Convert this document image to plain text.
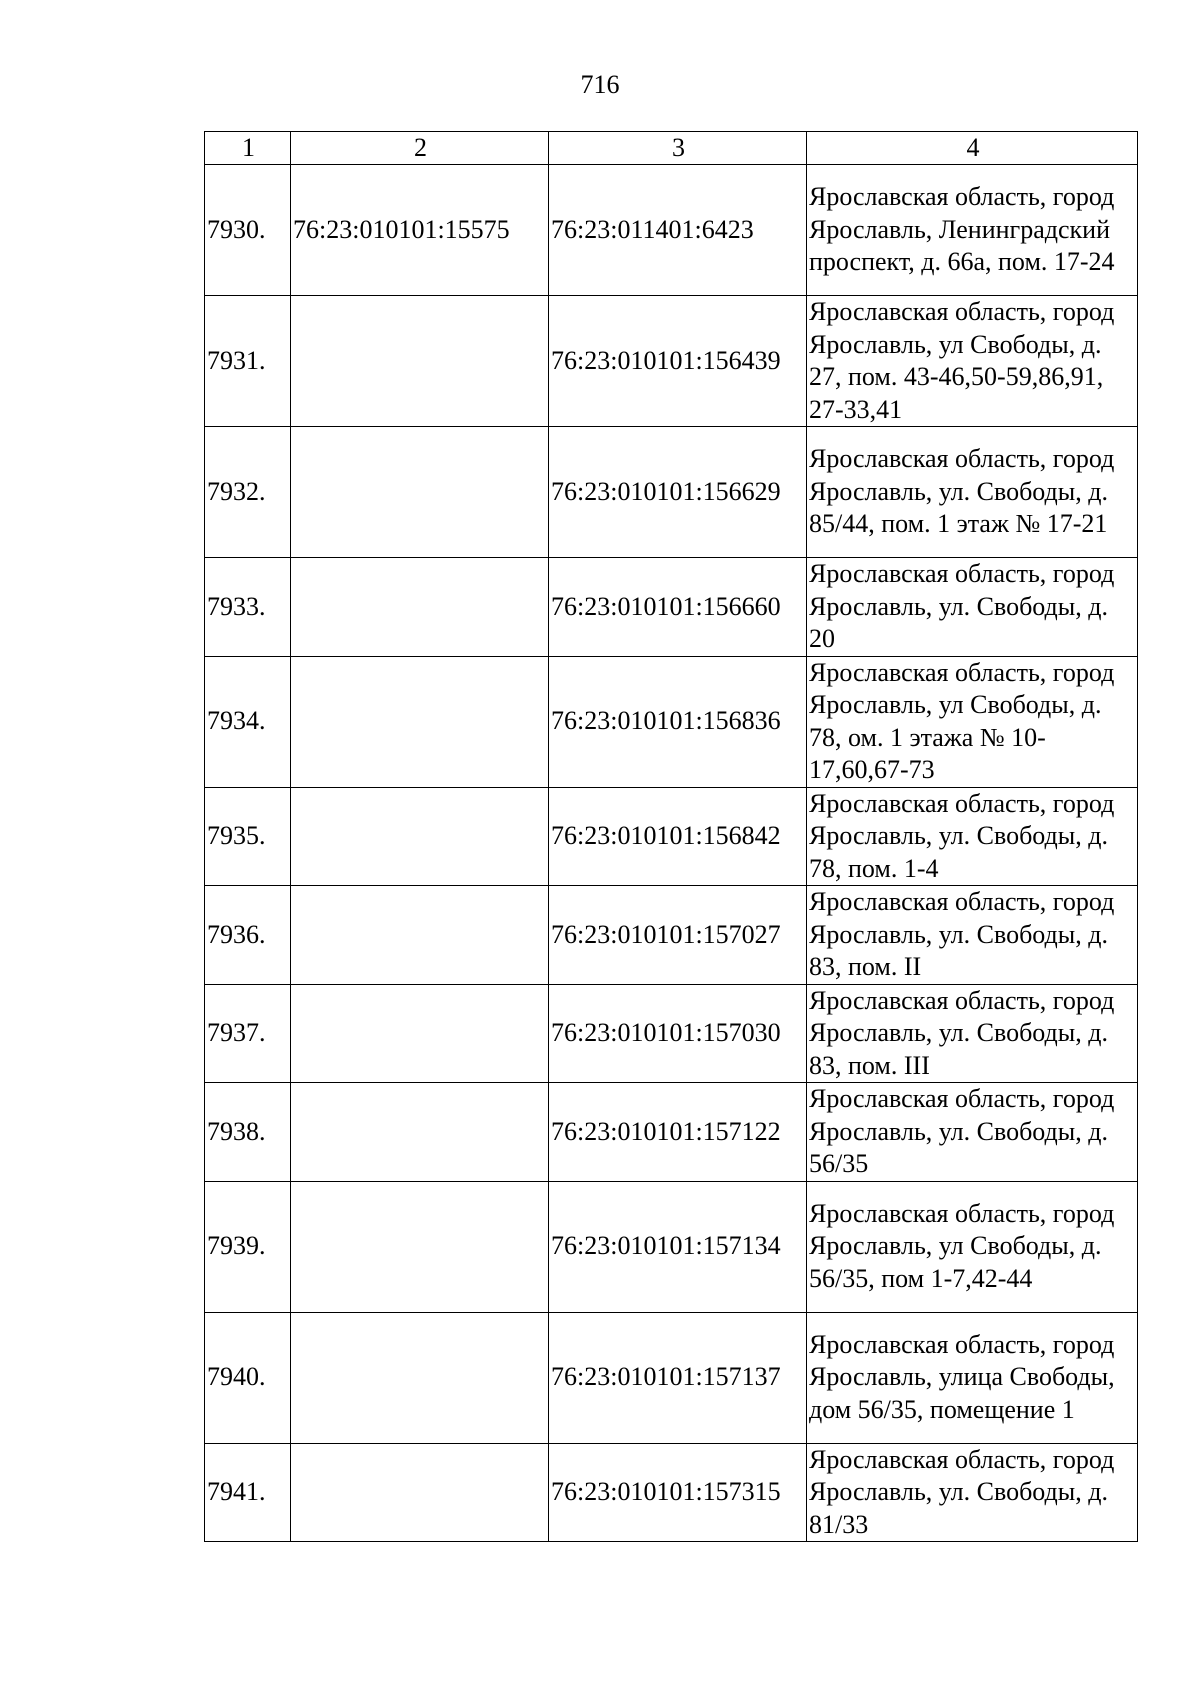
716
1	2	3	4
7930.	76:23:010101:15575	76:23:011401:6423	Ярославская область, город Ярославль, Ленинградский проспект, д. 66а, пом. 17-24
7931.		76:23:010101:156439	Ярославская область, город Ярославль, ул Свободы, д. 27, пом. 43-46,50-59,86,91, 27-33,41
7932.		76:23:010101:156629	Ярославская область, город Ярославль, ул. Свободы, д. 85/44, пом. 1 этаж № 17-21
7933.		76:23:010101:156660	Ярославская область, город Ярославль, ул. Свободы, д. 20
7934.		76:23:010101:156836	Ярославская область, город Ярославль, ул Свободы, д. 78, ом. 1 этажа № 10-17,60,67-73
7935.		76:23:010101:156842	Ярославская область, город Ярославль, ул. Свободы, д. 78, пом. 1-4
7936.		76:23:010101:157027	Ярославская область, город Ярославль, ул. Свободы, д. 83, пом. II
7937.		76:23:010101:157030	Ярославская область, город Ярославль, ул. Свободы, д. 83, пом. III
7938.		76:23:010101:157122	Ярославская область, город Ярославль, ул. Свободы, д. 56/35
7939.		76:23:010101:157134	Ярославская область, город Ярославль, ул Свободы, д. 56/35, пом 1-7,42-44
7940.		76:23:010101:157137	Ярославская область, город Ярославль, улица Свободы, дом 56/35, помещение 1
7941.		76:23:010101:157315	Ярославская область, город Ярославль, ул. Свободы, д. 81/33
